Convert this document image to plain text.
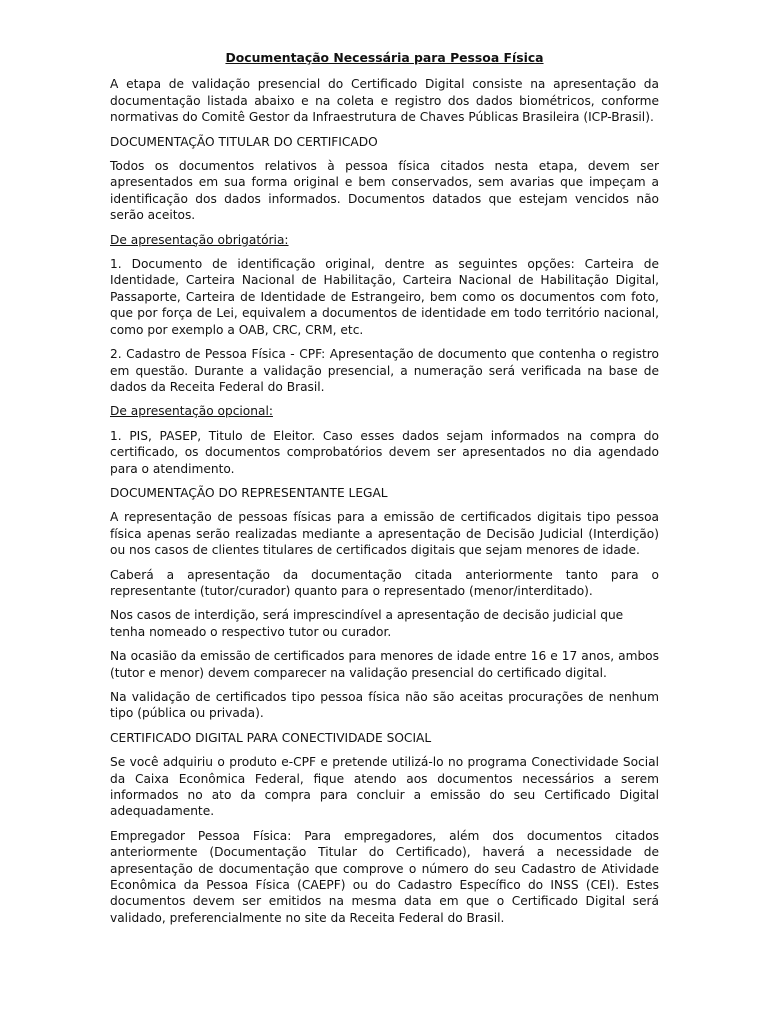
Documentação Necessária para Pessoa Física

A etapa de validação presencial do Certificado Digital consiste na apresentação da documentação listada abaixo e na coleta e registro dos dados biométricos, conforme normativas do Comitê Gestor da Infraestrutura de Chaves Públicas Brasileira (ICP-Brasil).

DOCUMENTAÇÃO TITULAR DO CERTIFICADO

Todos os documentos relativos à pessoa física citados nesta etapa, devem ser apresentados em sua forma original e bem conservados, sem avarias que impeçam a identificação dos dados informados. Documentos datados que estejam vencidos não serão aceitos.

De apresentação obrigatória:

1. Documento de identificação original, dentre as seguintes opções: Carteira de Identidade, Carteira Nacional de Habilitação, Carteira Nacional de Habilitação Digital, Passaporte, Carteira de Identidade de Estrangeiro, bem como os documentos com foto, que por força de Lei, equivalem a documentos de identidade em todo território nacional, como por exemplo a OAB, CRC, CRM, etc.

2. Cadastro de Pessoa Física - CPF: Apresentação de documento que contenha o registro em questão. Durante a validação presencial, a numeração será verificada na base de dados da Receita Federal do Brasil.

De apresentação opcional:

1. PIS, PASEP, Titulo de Eleitor. Caso esses dados sejam informados na compra do certificado, os documentos comprobatórios devem ser apresentados no dia agendado para o atendimento.

DOCUMENTAÇÃO DO REPRESENTANTE LEGAL

A representação de pessoas físicas para a emissão de certificados digitais tipo pessoa física apenas serão realizadas mediante a apresentação de Decisão Judicial (Interdição) ou nos casos de clientes titulares de certificados digitais que sejam menores de idade.

Caberá a apresentação da documentação citada anteriormente tanto para o representante (tutor/curador) quanto para o representado (menor/interditado).

Nos casos de interdição, será imprescindível a apresentação de decisão judicial que tenha nomeado o respectivo tutor ou curador.

Na ocasião da emissão de certificados para menores de idade entre 16 e 17 anos, ambos (tutor e menor) devem comparecer na validação presencial do certificado digital.

Na validação de certificados tipo pessoa física não são aceitas procurações de nenhum tipo (pública ou privada).

CERTIFICADO DIGITAL PARA CONECTIVIDADE SOCIAL

Se você adquiriu o produto e-CPF e pretende utilizá-lo no programa Conectividade Social da Caixa Econômica Federal, fique atendo aos documentos necessários a serem informados no ato da compra para concluir a emissão do seu Certificado Digital adequadamente.

Empregador Pessoa Física: Para empregadores, além dos documentos citados anteriormente (Documentação Titular do Certificado), haverá a necessidade de apresentação de documentação que comprove o número do seu Cadastro de Atividade Econômica da Pessoa Física (CAEPF) ou do Cadastro Específico do INSS (CEI). Estes documentos devem ser emitidos na mesma data em que o Certificado Digital será validado, preferencialmente no site da Receita Federal do Brasil.
